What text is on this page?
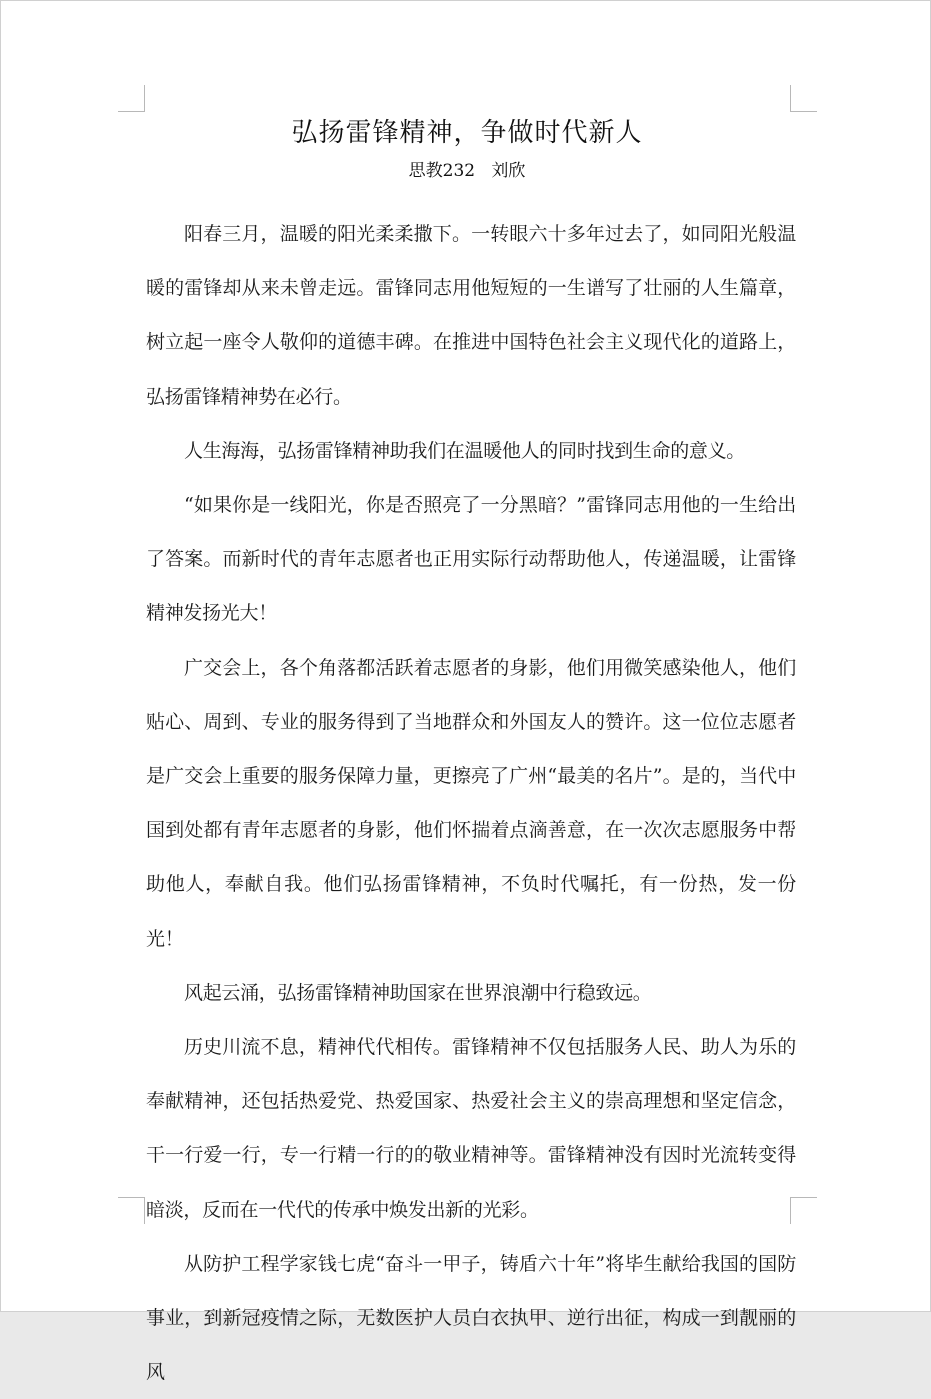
弘扬雷锋精神，争做时代新人
思教232   刘欣

阳春三月，温暖的阳光柔柔撒下。一转眼六十多年过去了，如同阳光般温暖的雷锋却从来未曾走远。雷锋同志用他短短的一生谱写了壮丽的人生篇章，树立起一座令人敬仰的道德丰碑。在推进中国特色社会主义现代化的道路上，弘扬雷锋精神势在必行。

人生海海，弘扬雷锋精神助我们在温暖他人的同时找到生命的意义。

“如果你是一线阳光，你是否照亮了一分黑暗？”雷锋同志用他的一生给出了答案。而新时代的青年志愿者也正用实际行动帮助他人，传递温暖，让雷锋精神发扬光大！

广交会上，各个角落都活跃着志愿者的身影，他们用微笑感染他人，他们贴心、周到、专业的服务得到了当地群众和外国友人的赞许。这一位位志愿者是广交会上重要的服务保障力量，更擦亮了广州“最美的名片”。是的，当代中国到处都有青年志愿者的身影，他们怀揣着点滴善意，在一次次志愿服务中帮助他人，奉献自我。他们弘扬雷锋精神，不负时代嘱托，有一份热，发一份光！

风起云涌，弘扬雷锋精神助国家在世界浪潮中行稳致远。

历史川流不息，精神代代相传。雷锋精神不仅包括服务人民、助人为乐的奉献精神，还包括热爱党、热爱国家、热爱社会主义的崇高理想和坚定信念，干一行爱一行，专一行精一行的的敬业精神等。雷锋精神没有因时光流转变得暗淡，反而在一代代的传承中焕发出新的光彩。

从防护工程学家钱七虎“奋斗一甲子，铸盾六十年”将毕生献给我国的国防事业，到新冠疫情之际，无数医护人员白衣执甲、逆行出征，构成一到靓丽的风
